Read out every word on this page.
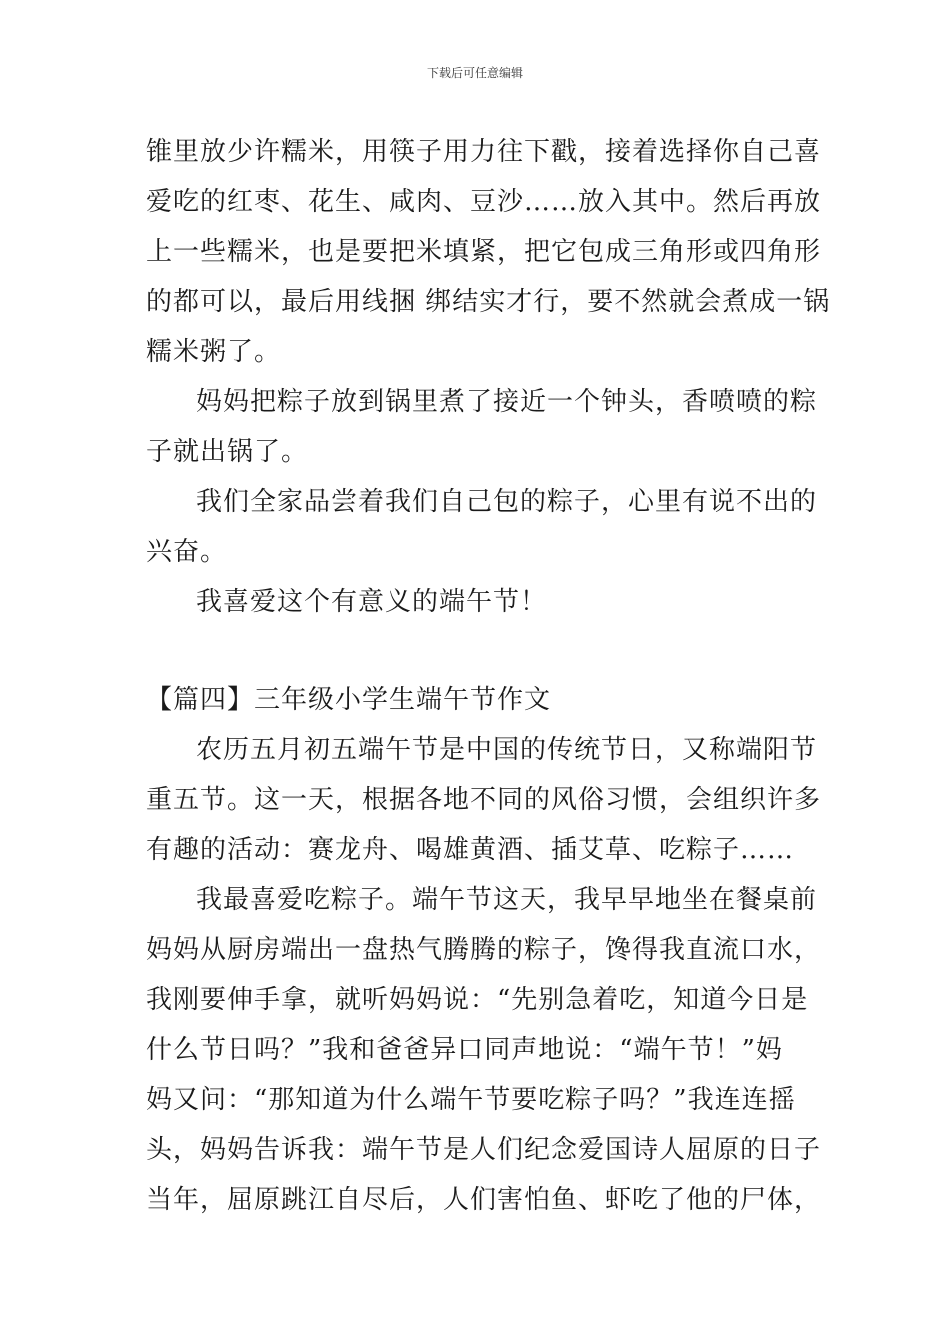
下载后可任意编辑
锥里放少许糯米，用筷子用力往下戳，接着选择你自己喜
爱吃的红枣、花生、咸肉、豆沙……放入其中。然后再放
上一些糯米，也是要把米填紧，把它包成三角形或四角形
的都可以，最后用线捆 绑结实才行，要不然就会煮成一锅
糯米粥了。
妈妈把粽子放到锅里煮了接近一个钟头，香喷喷的粽
子就出锅了。
我们全家品尝着我们自己包的粽子，心里有说不出的
兴奋。
我喜爱这个有意义的端午节！
【篇四】三年级小学生端午节作文
农历五月初五端午节是中国的传统节日，又称端阳节
重五节。这一天，根据各地不同的风俗习惯，会组织许多
有趣的活动：赛龙舟、喝雄黄酒、插艾草、吃粽子……
我最喜爱吃粽子。端午节这天，我早早地坐在餐桌前
妈妈从厨房端出一盘热气腾腾的粽子，馋得我直流口水，
我刚要伸手拿，就听妈妈说：“先别急着吃，知道今日是
什么节日吗？”我和爸爸异口同声地说：“端午节！”妈
妈又问：“那知道为什么端午节要吃粽子吗？”我连连摇
头，妈妈告诉我：端午节是人们纪念爱国诗人屈原的日子
当年，屈原跳江自尽后，人们害怕鱼、虾吃了他的尸体，
